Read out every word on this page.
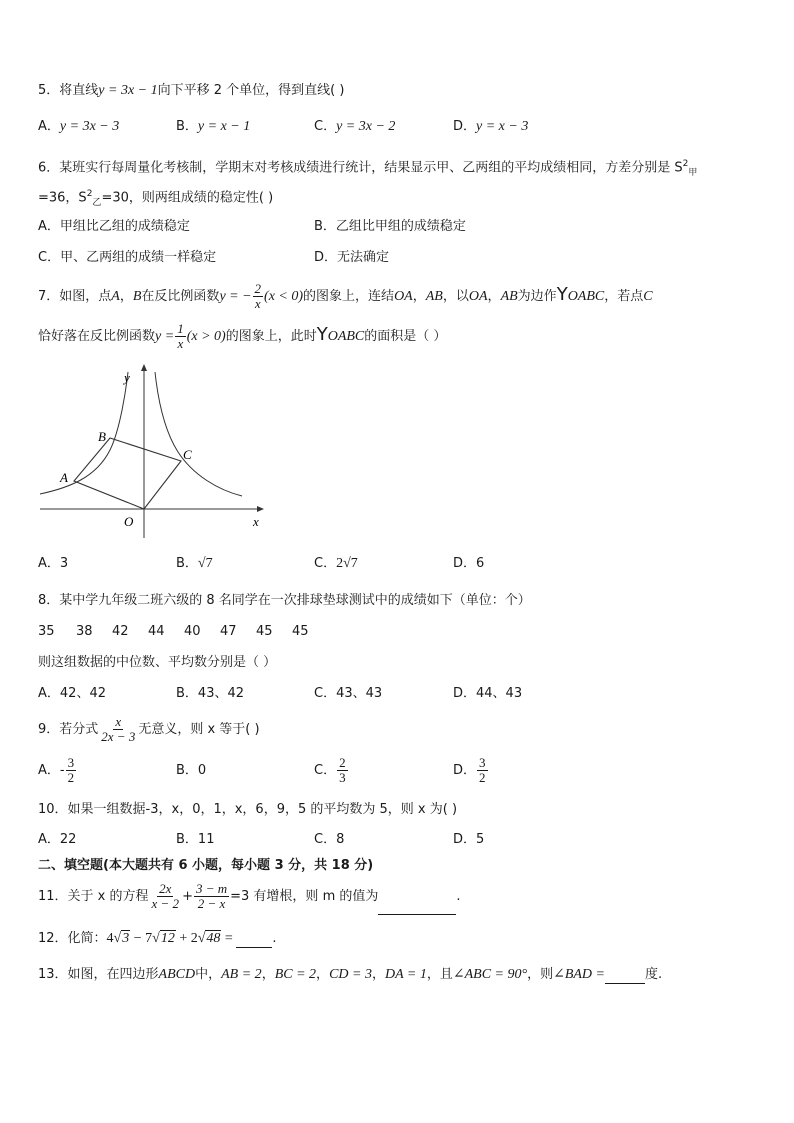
5．将直线y = 3x − 1向下平移 2 个单位，得到直线( )
A．y = 3x − 3	B．y = x − 1	C．y = 3x − 2	D．y = x − 3
6．某班实行每周量化考核制，学期末对考核成绩进行统计，结果显示甲、乙两组的平均成绩相同，方差分别是 $S^2_甲$
=36，$S^2_乙=30$，则两组成绩的稳定性( )
A．甲组比乙组的成绩稳定	B．乙组比甲组的成绩稳定
C．甲、乙两组的成绩一样稳定	D．无法确定
7．如图，点A，B在反比例函数y = − $\frac{2}{x} (x < 0)$的图象上，连结OA，AB，以OA，AB为边作YOABC，若点C
恰好落在反比例函数$y = \frac{1}{x} (x > 0)$的图象上，此时YOABC的面积是（ ）
y
x
O
A
B
C
A．3	B．√7	C．2√7	D．6
8．某中学九年级二班六级的 8 名同学在一次排球垫球测试中的成绩如下（单位：个）
35 38 42 44 40 47 45 45
则这组数据的中位数、平均数分别是（ ）
A．42、42	B．43、42	C．43、43	D．44、43
9．若分式 $\frac{x}{2x - 3}$ 无意义，则 x 等于( )
A．- $\frac{3}{2}$	B．0	C． $\frac{2}{3}$	D． $\frac{3}{2}$
10．如果一组数据-3，x，0，1，x，6，9，5 的平均数为 5，则 x 为( )
A．22	B．11	C．8	D．5
二、填空题(本大题共有 6 小题，每小题 3 分，共 18 分)
11．关于 x 的方程 $\frac{2x}{x - 2} + \frac{3 - m}{2 - x} =3$ 有增根，则 m 的值为	.
12．化简：4√3 − 7√12 + 2√48 =	.
13．如图，在四边形ABCD中，AB = 2，BC = 2，CD = 3，DA = 1，且∠ABC = 90°，则∠BAD =	度.
